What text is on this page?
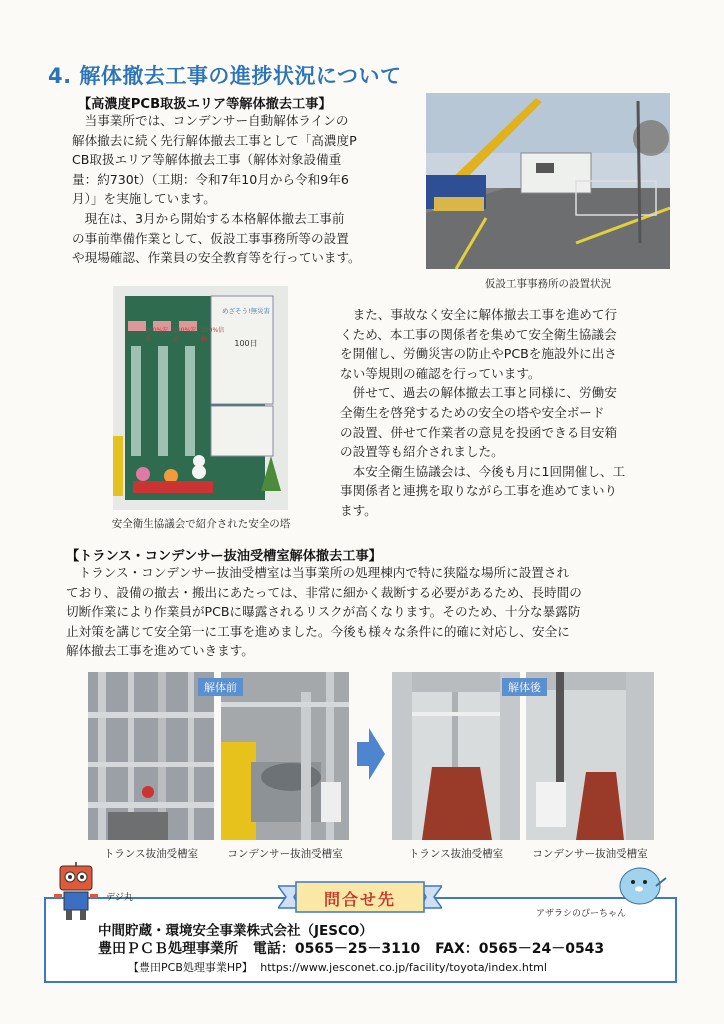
4. 解体撤去工事の進捗状況について
【高濃度PCB取扱エリア等解体撤去工事】
　当事業所では、コンデンサー自動解体ラインの
解体撤去に続く先行解体撤去工事として「高濃度P
CB取扱エリア等解体撤去工事（解体対象設備重
量：約730t）（工期：令和7年10月から令和9年6
月）」を実施しています。
　現在は、3月から開始する本格解体撤去工事前
の事前準備作業として、仮設工事事務所等の設置
や現場確認、作業員の安全教育等を行っています。
仮設工事事務所の設置状況
100%安全
100%安心
100%信頼
めざそう!無災害
100日
安全衛生協議会で紹介された安全の塔
　また、事故なく安全に解体撤去工事を進めて行
くため、本工事の関係者を集めて安全衛生協議会
を開催し、労働災害の防止やPCBを施設外に出さ
ない等規則の確認を行っています。
　併せて、過去の解体撤去工事と同様に、労働安
全衛生を啓発するための安全の塔や安全ボード
の設置、併せて作業者の意見を投函できる目安箱
の設置等も紹介されました。
　本安全衛生協議会は、今後も月に1回開催し、工
事関係者と連携を取りながら工事を進めてまいり
ます。
【トランス・コンデンサー抜油受槽室解体撤去工事】
　トランス・コンデンサー抜油受槽室は当事業所の処理棟内で特に狭隘な場所に設置され
ており、設備の撤去・搬出にあたっては、非常に細かく裁断する必要があるため、長時間の
切断作業により作業員がPCBに曝露されるリスクが高くなります。そのため、十分な暴露防
止対策を講じて安全第一に工事を進めました。今後も様々な条件に的確に対応し、安全に
解体撤去工事を進めていきます。
解体前	解体後
トランス抜油受槽室	コンデンサー抜油受槽室	トランス抜油受槽室	コンデンサー抜油受槽室
問合せ先
デジ丸
アザラシのぴーちゃん
中間貯蔵・環境安全事業株式会社（JESCO）
豊田ＰＣＢ処理事業所 電話：0565－25－3110 FAX：0565－24－0543
【豊田PCB処理事業HP】 https://www.jesconet.co.jp/facility/toyota/index.html
